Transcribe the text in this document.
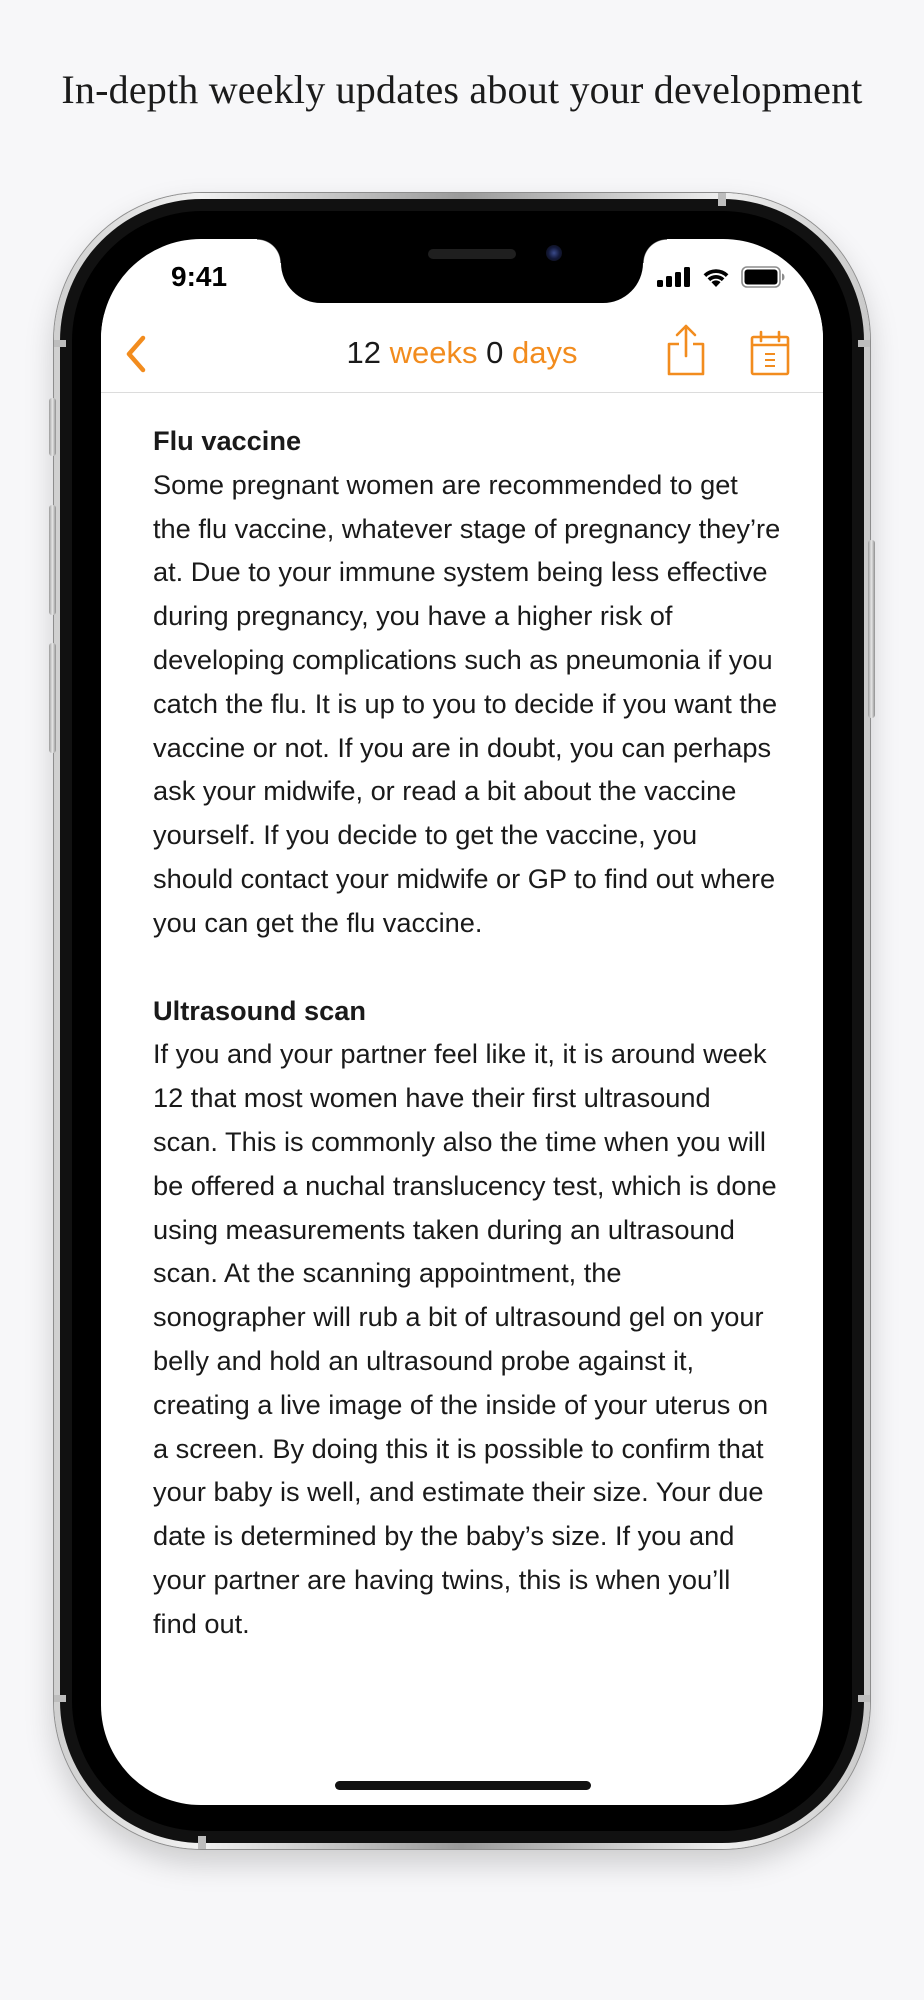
In-depth weekly updates about your development
9:41
12 weeks 0 days
Flu vaccine
Some pregnant women are recommended to get the flu vaccine, whatever stage of pregnancy they’re at. Due to your immune system being less effective during pregnancy, you have a higher risk of developing complications such as pneumonia if you catch the flu. It is up to you to decide if you want the vaccine or not. If you are in doubt, you can perhaps ask your midwife, or read a bit about the vaccine yourself. If you decide to get the vaccine, you should contact your midwife or GP to find out where you can get the flu vaccine.
Ultrasound scan
If you and your partner feel like it, it is around week 12 that most women have their first ultrasound scan. This is commonly also the time when you will be offered a nuchal translucency test, which is done using measurements taken during an ultrasound scan. At the scanning appointment, the sonographer will rub a bit of ultrasound gel on your belly and hold an ultrasound probe against it, creating a live image of the inside of your uterus on a screen. By doing this it is possible to confirm that your baby is well, and estimate their size. Your due date is determined by the baby’s size. If you and your partner are having twins, this is when you’ll find out.
